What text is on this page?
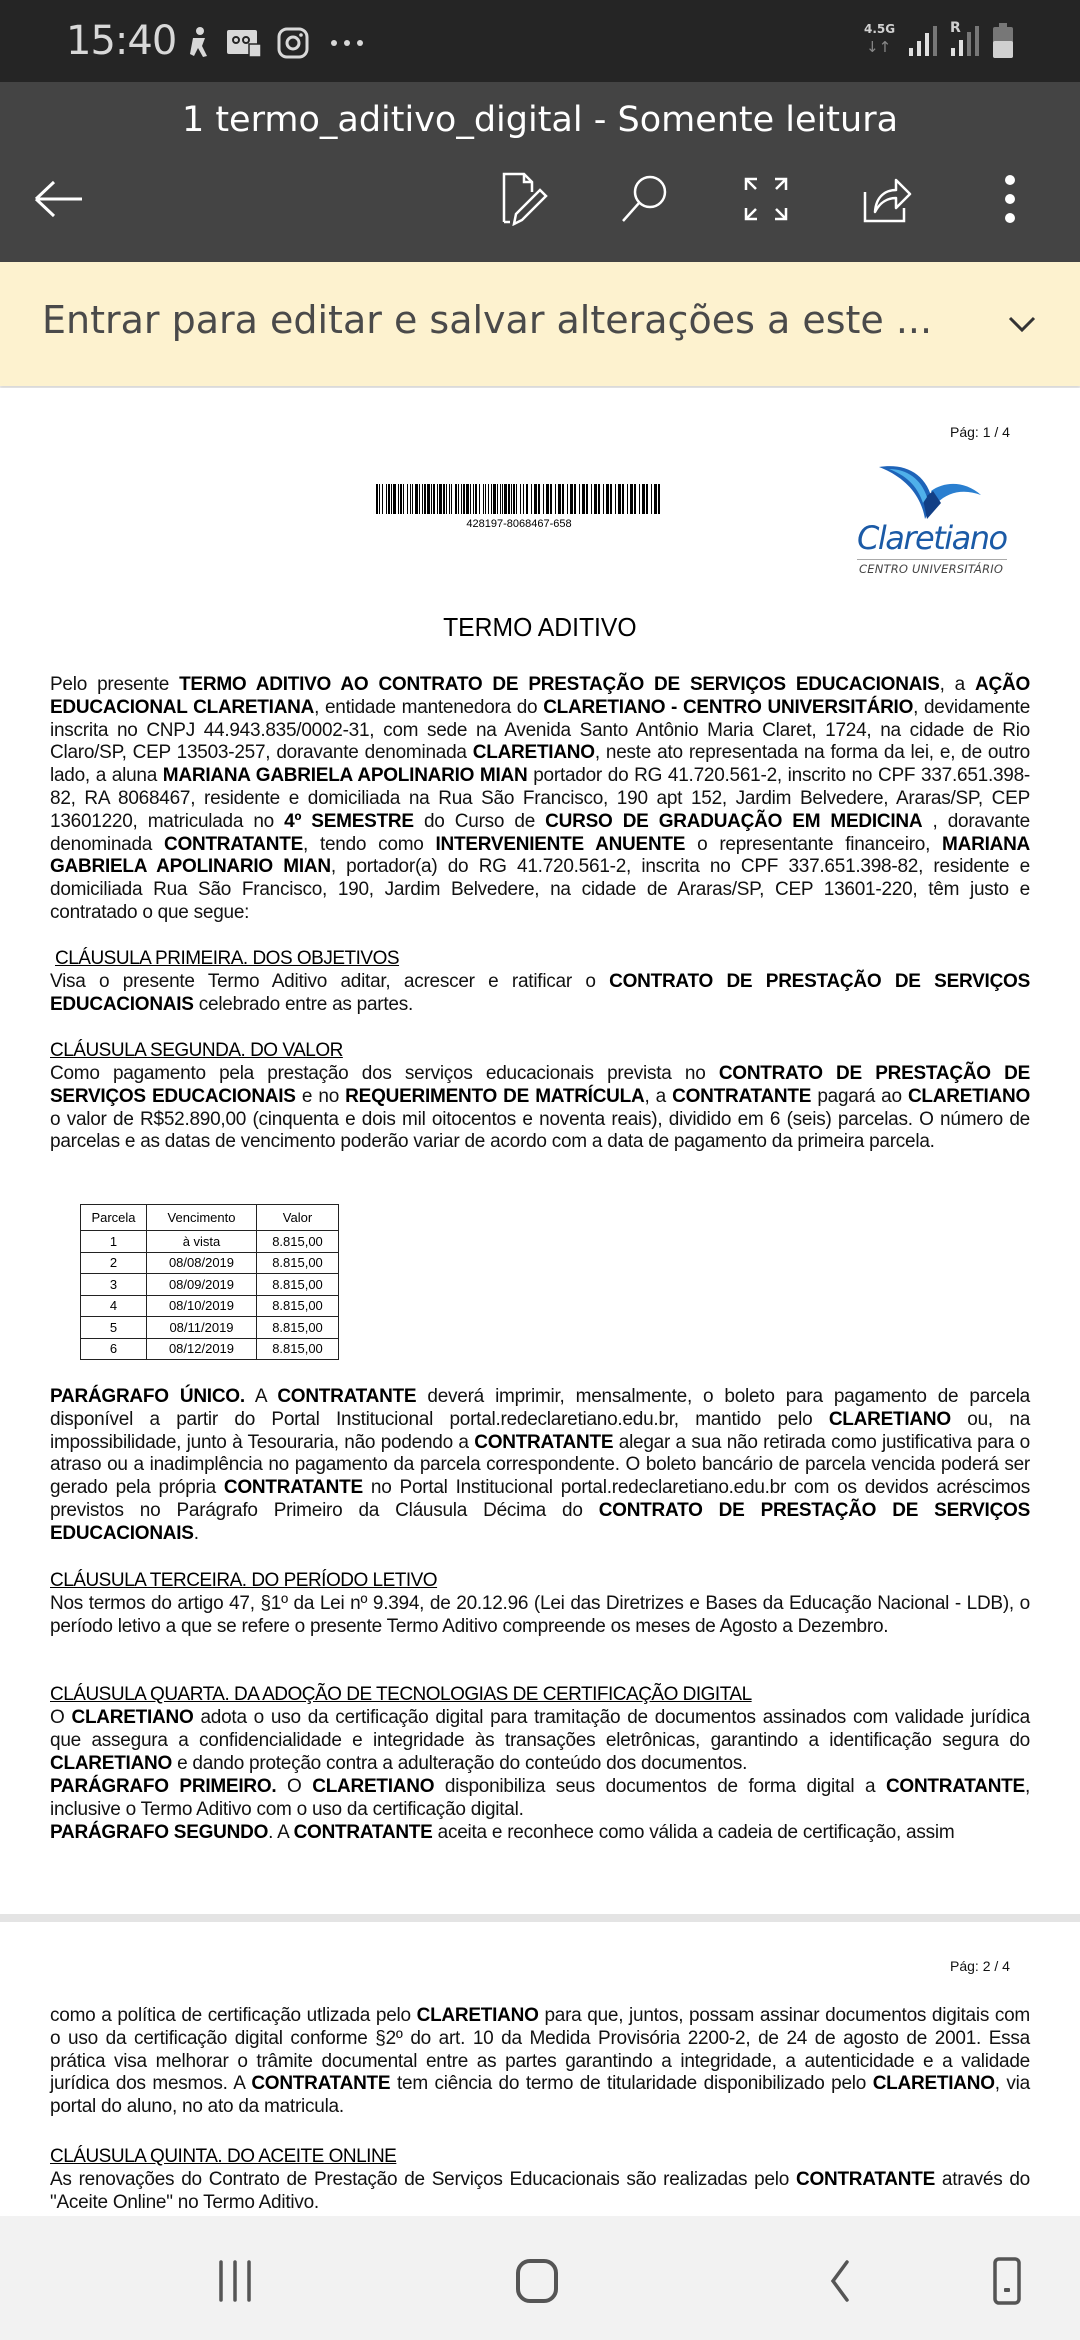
15:40	4.5G
↓↑
R
1 termo_aditivo_digital - Somente leitura
Entrar para editar e salvar alterações a este ...
Pág: 1 / 4
428197-8068467-658	Claretiano
CENTRO UNIVERSITÁRIO
TERMO ADITIVO
Pelo presente TERMO ADITIVO AO CONTRATO DE PRESTAÇÃO DE SERVIÇOS EDUCACIONAIS, a AÇÃO EDUCACIONAL CLARETIANA, entidade mantenedora do CLARETIANO - CENTRO UNIVERSITÁRIO, devidamente inscrita no CNPJ 44.943.835/0002-31, com sede na Avenida Santo Antônio Maria Claret, 1724, na cidade de Rio Claro/SP, CEP 13503-257, doravante denominada CLARETIANO, neste ato representada na forma da lei, e, de outro lado, a aluna MARIANA GABRIELA APOLINARIO MIAN portador do RG 41.720.561-2, inscrito no CPF 337.651.398-82, RA 8068467, residente e domiciliada na Rua São Francisco, 190 apt 152, Jardim Belvedere, Araras/SP, CEP 13601220, matriculada no 4º SEMESTRE do Curso de CURSO DE GRADUAÇÃO EM MEDICINA , doravante denominada CONTRATANTE, tendo como INTERVENIENTE ANUENTE o representante financeiro, MARIANA GABRIELA APOLINARIO MIAN, portador(a) do RG 41.720.561-2, inscrita no CPF 337.651.398-82, residente e domiciliada Rua São Francisco, 190, Jardim Belvedere, na cidade de Araras/SP, CEP 13601-220, têm justo e contratado o que segue:
CLÁUSULA PRIMEIRA. DOS OBJETIVOS
Visa o presente Termo Aditivo aditar, acrescer e ratificar o CONTRATO DE PRESTAÇÃO DE SERVIÇOS EDUCACIONAIS celebrado entre as partes.
CLÁUSULA SEGUNDA. DO VALOR
Como pagamento pela prestação dos serviços educacionais prevista no CONTRATO DE PRESTAÇÃO DE SERVIÇOS EDUCACIONAIS e no REQUERIMENTO DE MATRÍCULA, a CONTRATANTE pagará ao CLARETIANO o valor de R$52.890,00 (cinquenta e dois mil oitocentos e noventa reais), dividido em 6 (seis) parcelas. O número de parcelas e as datas de vencimento poderão variar de acordo com a data de pagamento da primeira parcela.
Parcela	Vencimento	Valor
1	à vista	8.815,00
2	08/08/2019	8.815,00
3	08/09/2019	8.815,00
4	08/10/2019	8.815,00
5	08/11/2019	8.815,00
6	08/12/2019	8.815,00
PARÁGRAFO ÚNICO. A CONTRATANTE deverá imprimir, mensalmente, o boleto para pagamento de parcela disponível a partir do Portal Institucional portal.redeclaretiano.edu.br, mantido pelo CLARETIANO ou, na impossibilidade, junto à Tesouraria, não podendo a CONTRATANTE alegar a sua não retirada como justificativa para o atraso ou a inadimplência no pagamento da parcela correspondente. O boleto bancário de parcela vencida poderá ser gerado pela própria CONTRATANTE no Portal Institucional portal.redeclaretiano.edu.br com os devidos acréscimos previstos no Parágrafo Primeiro da Cláusula Décima do CONTRATO DE PRESTAÇÃO DE SERVIÇOS EDUCACIONAIS.
CLÁUSULA TERCEIRA. DO PERÍODO LETIVO
Nos termos do artigo 47, §1º da Lei nº 9.394, de 20.12.96 (Lei das Diretrizes e Bases da Educação Nacional - LDB), o período letivo a que se refere o presente Termo Aditivo compreende os meses de Agosto a Dezembro.
CLÁUSULA QUARTA. DA ADOÇÃO DE TECNOLOGIAS DE CERTIFICAÇÃO DIGITAL
O CLARETIANO adota o uso da certificação digital para tramitação de documentos assinados com validade jurídica que assegura a confidencialidade e integridade às transações eletrônicas, garantindo a identificação segura do CLARETIANO e dando proteção contra a adulteração do conteúdo dos documentos.
PARÁGRAFO PRIMEIRO. O CLARETIANO disponibiliza seus documentos de forma digital a CONTRATANTE, inclusive o Termo Aditivo com o uso da certificação digital.
PARÁGRAFO SEGUNDO. A CONTRATANTE aceita e reconhece como válida a cadeia de certificação, assim
Pág: 2 / 4
como a política de certificação utlizada pelo CLARETIANO para que, juntos, possam assinar documentos digitais com o uso da certificação digital conforme §2º do art. 10 da Medida Provisória 2200-2, de 24 de agosto de 2001. Essa prática visa melhorar o trâmite documental entre as partes garantindo a integridade, a autenticidade e a validade jurídica dos mesmos. A CONTRATANTE tem ciência do termo de titularidade disponibilizado pelo CLARETIANO, via portal do aluno, no ato da matricula.
CLÁUSULA QUINTA. DO ACEITE ONLINE
As renovações do Contrato de Prestação de Serviços Educacionais são realizadas pelo CONTRATANTE através do "Aceite Online" no Termo Aditivo.
